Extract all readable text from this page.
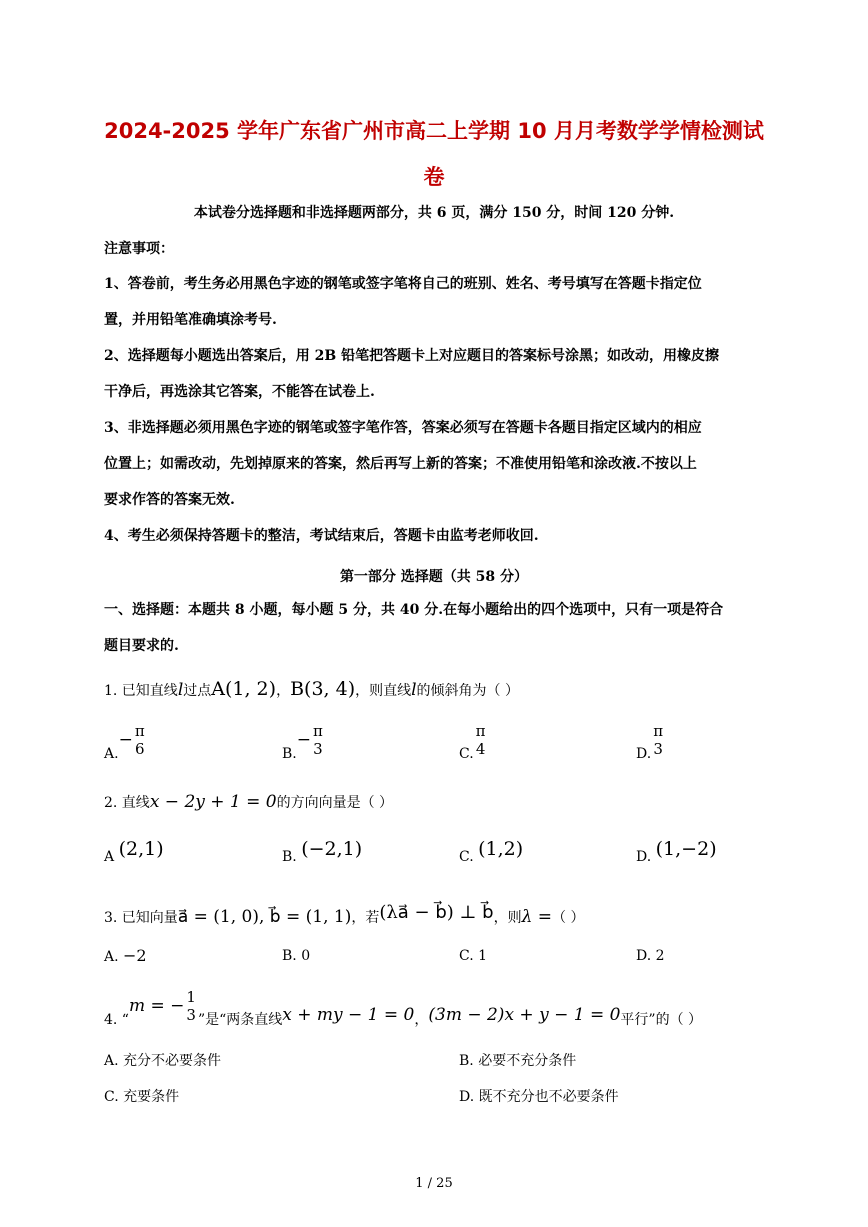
2024-2025 学年广东省广州市高二上学期 10 月月考数学学情检测试
卷
本试卷分选择题和非选择题两部分，共 6 页，满分 150 分，时间 120 分钟.
注意事项：
1、答卷前，考生务必用黑色字迹的钢笔或签字笔将自己的班别、姓名、考号填写在答题卡指定位
置，并用铅笔准确填涂考号.
2、选择题每小题选出答案后，用 2B 铅笔把答题卡上对应题目的答案标号涂黑；如改动，用橡皮擦
干净后，再选涂其它答案，不能答在试卷上.
3、非选择题必须用黑色字迹的钢笔或签字笔作答，答案必须写在答题卡各题目指定区域内的相应
位置上；如需改动，先划掉原来的答案，然后再写上新的答案；不准使用铅笔和涂改液.不按以上
要求作答的答案无效.
4、考生必须保持答题卡的整洁，考试结束后，答题卡由监考老师收回.
第一部分 选择题（共 58 分）
一、选择题：本题共 8 小题，每小题 5 分，共 40 分.在每小题给出的四个选项中，只有一项是符合
题目要求的.
1. 已知直线l过点A(1, 2)，B(3, 4)，则直线l的倾斜角为（ ）
A.− π
6	B.− π
3	C.
π
4	D.
π
3
2. 直线x − 2y + 1 = 0的方向向量是（ ）
A (2,1)	B. (−2,1)	C. (1,2)	D. (1,−2)
3. 已知向量a⃗ = (1, 0), b⃗ = (1, 1)，若(λa⃗ − b⃗) ⊥ b⃗，则λ =（ ）
A. −2	B. 0	C. 1	D. 2
4. “m = − 1
3 ”是“两条直线x + my − 1 = 0，(3m − 2)x + y − 1 = 0平行”的（ ）
A. 充分不必要条件	B. 必要不充分条件
C. 充要条件	D. 既不充分也不必要条件
1 / 25
